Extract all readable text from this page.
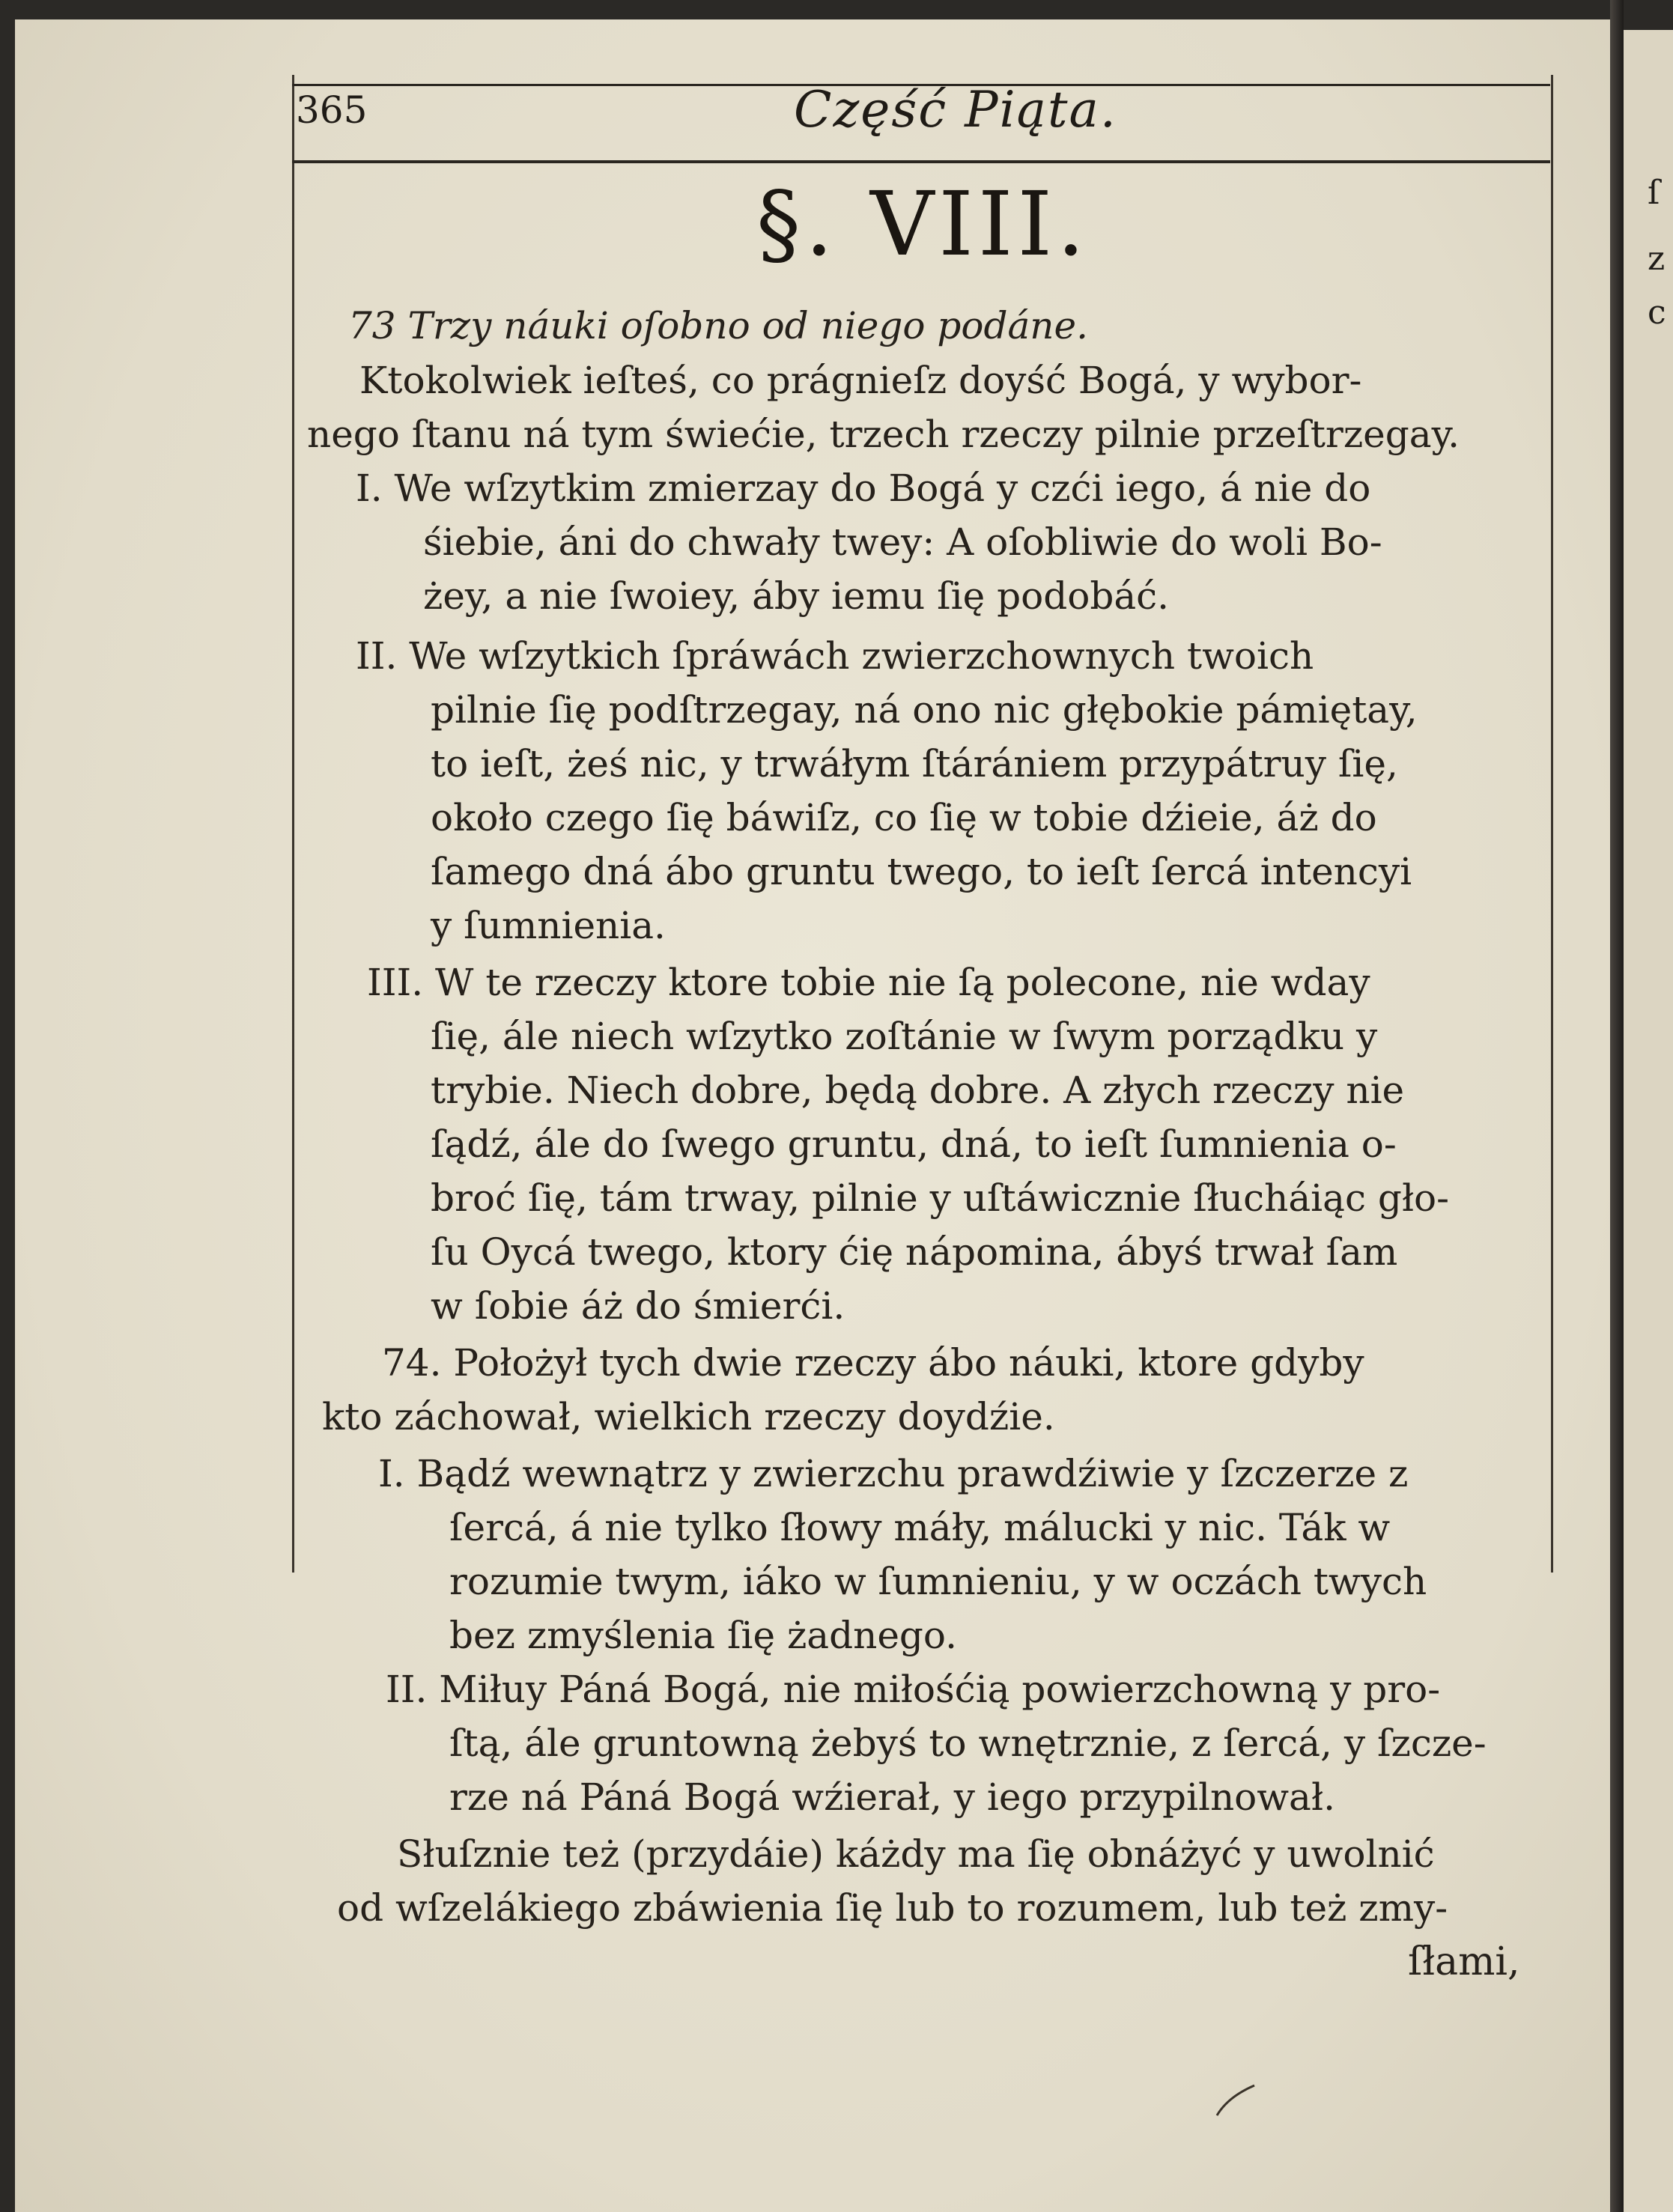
ſ
z
c
365	Część Piąta.
§. VIII.
73 Trzy náuki oſobno od niego podáne.
Ktokolwiek ieſteś, co prágnieſz doyść Bogá, y wybor-
nego ſtanu ná tym świećie, trzech rzeczy pilnie przeſtrzegay.
I. We wſzytkim zmierzay do Bogá y czći iego, á nie do
śiebie, áni do chwały twey: A oſobliwie do woli Bo-
żey, a nie ſwoiey, áby iemu ſię podobáć.
II. We wſzytkich ſpráwách zwierzchownych twoich
pilnie ſię podſtrzegay, ná ono nic głębokie pámiętay,
to ieſt, żeś nic, y trwáłym ſtárániem przypátruy ſię,
około czego ſię báwiſz, co ſię w tobie dźieie, áż do
ſamego dná ábo gruntu twego, to ieſt ſercá intencyi
y ſumnienia.
III. W te rzeczy ktore tobie nie ſą polecone, nie wday
ſię, ále niech wſzytko zoſtánie w ſwym porządku y
trybie. Niech dobre, będą dobre. A złych rzeczy nie
ſądź, ále do ſwego gruntu, dná, to ieſt ſumnienia o-
broć ſię, tám trway, pilnie y uſtáwicznie ſłucháiąc gło-
ſu Oycá twego, ktory ćię nápomina, ábyś trwał ſam
w ſobie áż do śmierći.
74. Położył tych dwie rzeczy ábo náuki, ktore gdyby
kto záchował, wielkich rzeczy doydźie.
I. Bądź wewnątrz y zwierzchu prawdźiwie y ſzczerze z
ſercá, á nie tylko ſłowy máły, málucki y nic. Ták w
rozumie twym, iáko w ſumnieniu, y w oczách twych
bez zmyślenia ſię żadnego.
II. Miłuy Páná Bogá, nie miłośćią powierzchowną y pro-
ſtą, ále gruntowną żebyś to wnętrznie, z ſercá, y ſzcze-
rze ná Páná Bogá wźierał, y iego przypilnował.
Słuſznie też (przydáie) káżdy ma ſię obnáżyć y uwolnić
od wſzelákiego zbáwienia ſię lub to rozumem, lub też zmy-
ſłami,
